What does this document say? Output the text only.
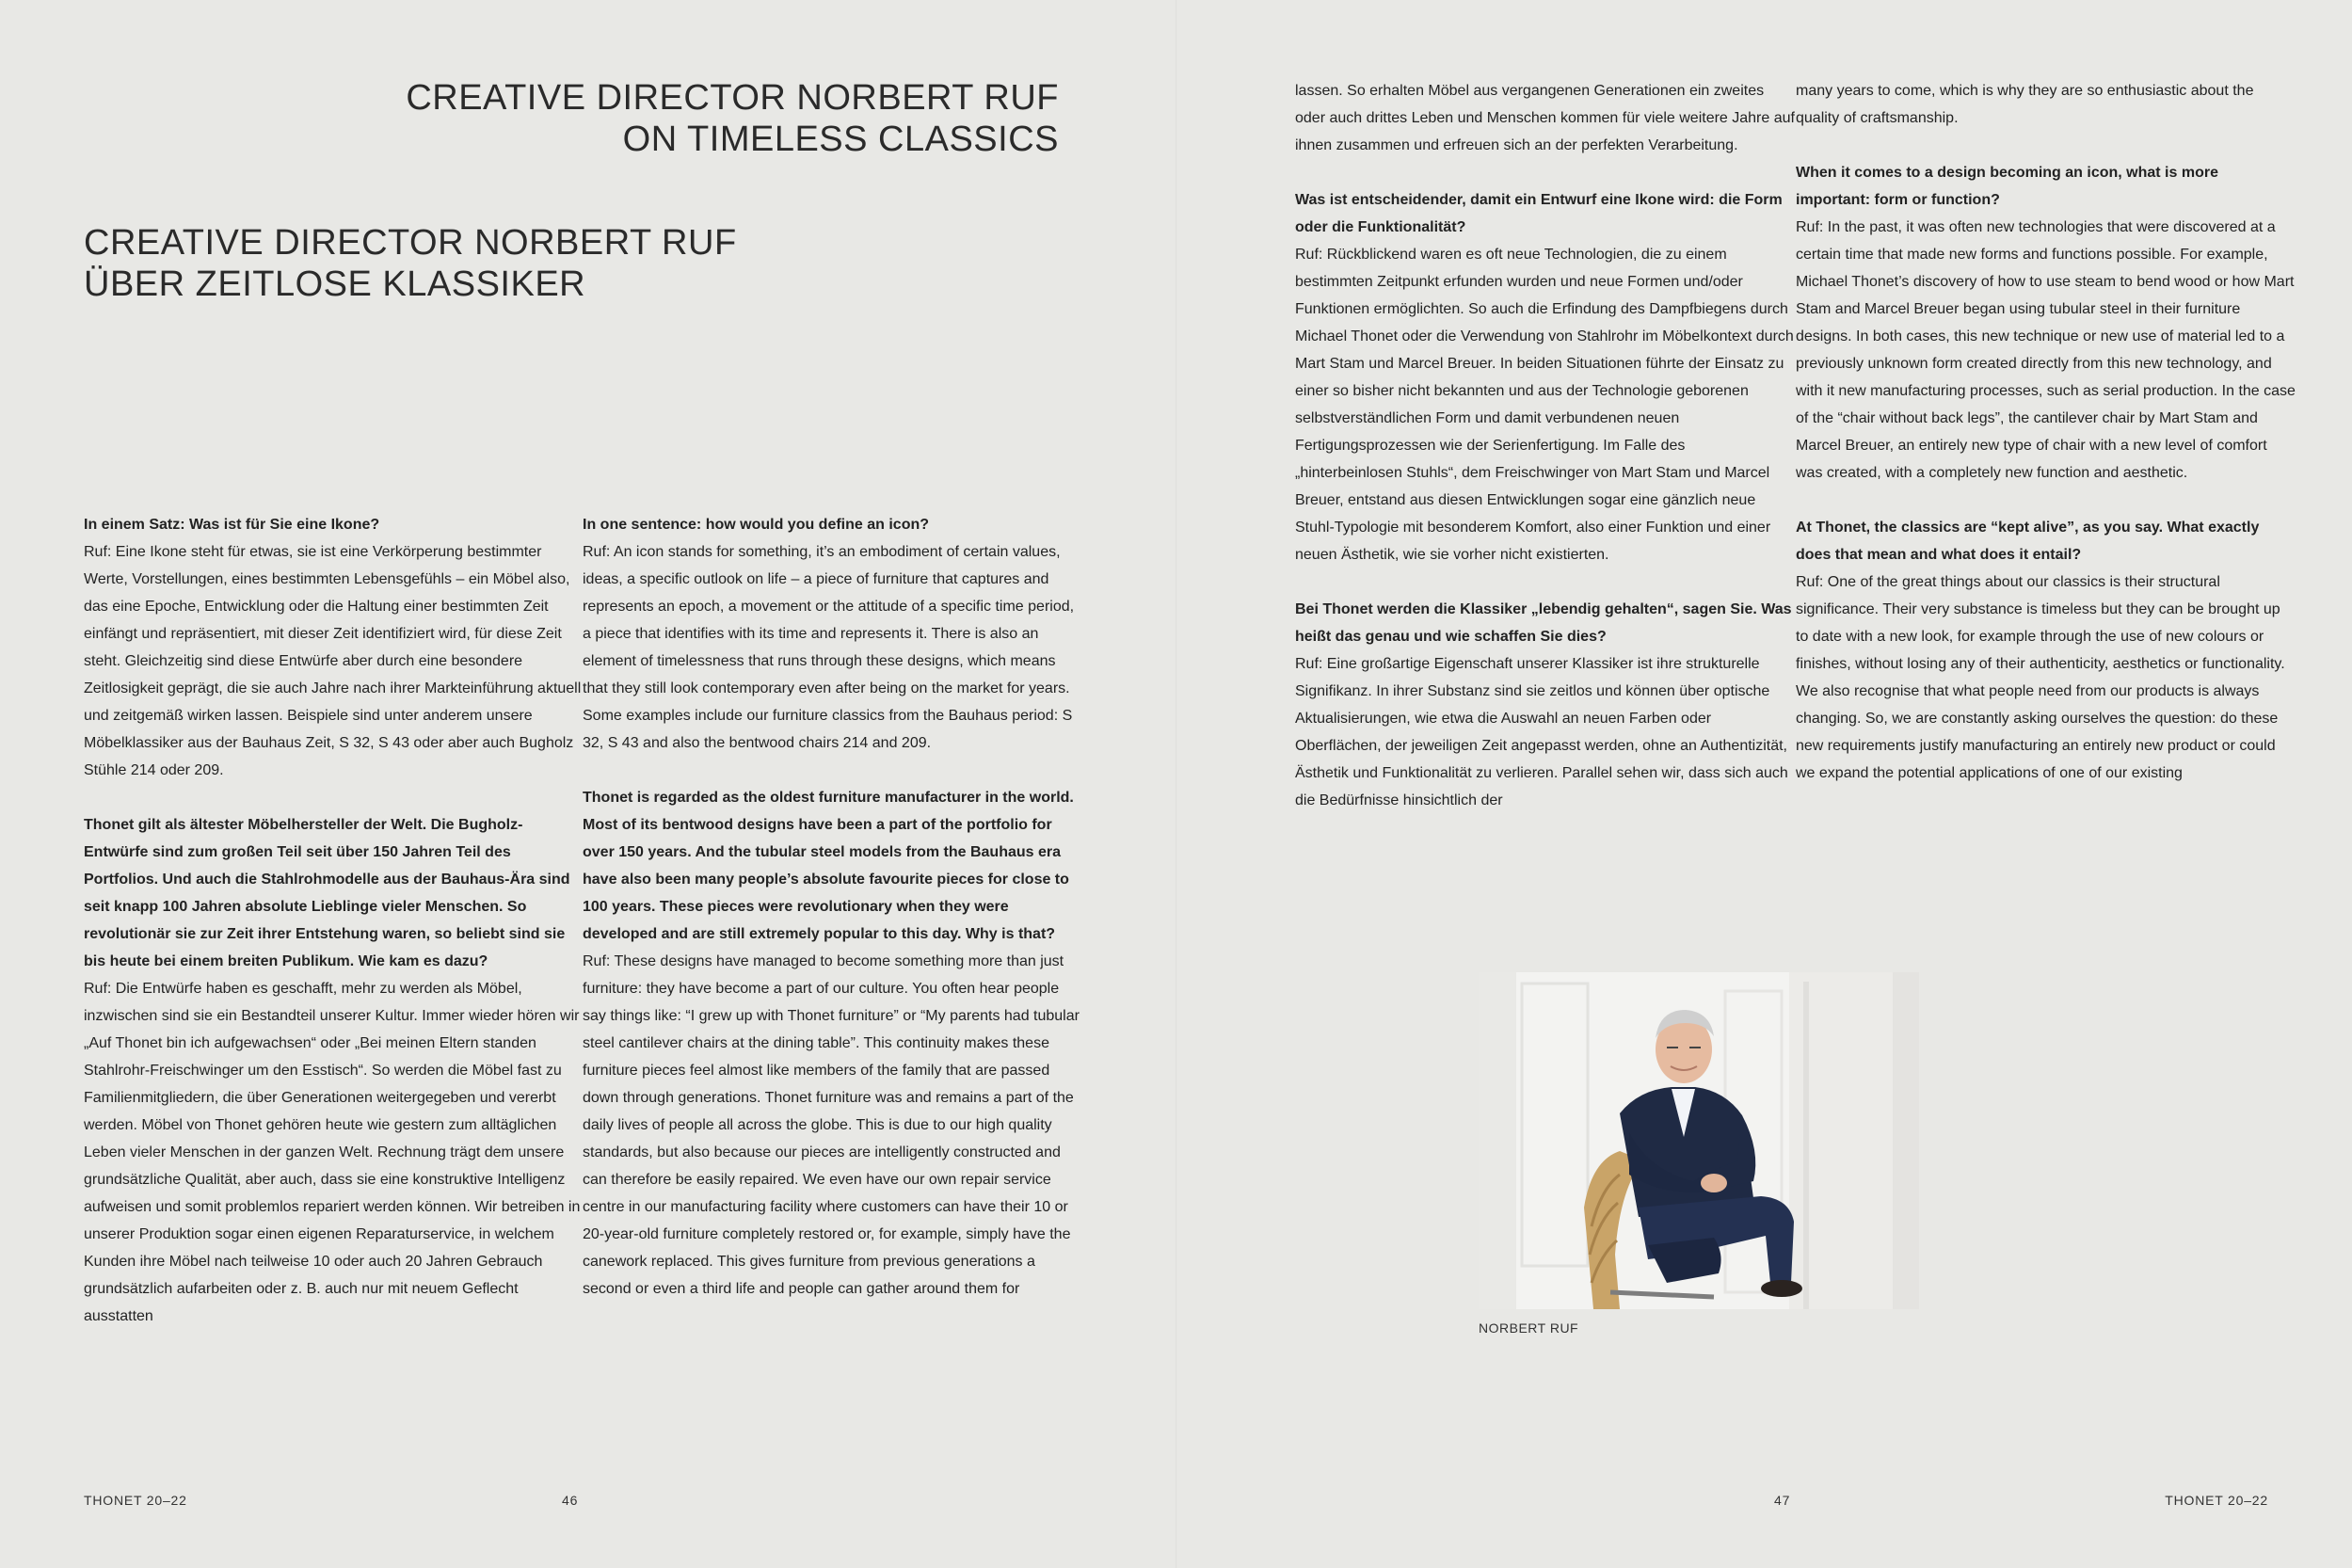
CREATIVE DIRECTOR NORBERT RUF
ON TIMELESS CLASSICS
CREATIVE DIRECTOR NORBERT RUF
ÜBER ZEITLOSE KLASSIKER

In einem Satz: Was ist für Sie eine Ikone?

Ruf: Eine Ikone steht für etwas, sie ist eine Verkörperung bestimmter Werte, Vorstellungen, eines bestimmten Lebensgefühls – ein Möbel also, das eine Epoche, Entwicklung oder die Haltung einer bestimmten Zeit einfängt und repräsentiert, mit dieser Zeit identifiziert wird, für diese Zeit steht. Gleichzeitig sind diese Entwürfe aber durch eine besondere Zeitlosigkeit geprägt, die sie auch Jahre nach ihrer Markteinführung aktuell und zeitgemäß wirken lassen. Beispiele sind unter anderem unsere Möbelklassiker aus der Bauhaus Zeit, S 32, S 43 oder aber auch Bugholz Stühle 214 oder 209.

Thonet gilt als ältester Möbelhersteller der Welt. Die Bugholz-Entwürfe sind zum großen Teil seit über 150 Jahren Teil des Portfolios. Und auch die Stahlrohmodelle aus der Bauhaus-Ära sind seit knapp 100 Jahren absolute Lieblinge vieler Menschen. So revolutionär sie zur Zeit ihrer Entstehung waren, so beliebt sind sie bis heute bei einem breiten Publikum. Wie kam es dazu?

Ruf: Die Entwürfe haben es geschafft, mehr zu werden als Möbel, inzwischen sind sie ein Bestandteil unserer Kultur. Immer wieder hören wir „Auf Thonet bin ich aufgewachsen“ oder „Bei meinen Eltern standen Stahlrohr-Freischwinger um den Esstisch“. So werden die Möbel fast zu Familienmitgliedern, die über Generationen weitergegeben und vererbt werden. Möbel von Thonet gehören heute wie gestern zum alltäglichen Leben vieler Menschen in der ganzen Welt. Rechnung trägt dem unsere grundsätzliche Qualität, aber auch, dass sie eine konstruktive Intelligenz aufweisen und somit problemlos repariert werden können. Wir betreiben in unserer Produktion sogar einen eigenen Reparaturservice, in welchem Kunden ihre Möbel nach teilweise 10 oder auch 20 Jahren Gebrauch grundsätzlich aufarbeiten oder z. B. auch nur mit neuem Geflecht ausstatten

In one sentence: how would you define an icon?

Ruf: An icon stands for something, it’s an embodiment of certain values, ideas, a specific outlook on life – a piece of furniture that captures and represents an epoch, a movement or the attitude of a specific time period, a piece that identifies with its time and represents it. There is also an element of timelessness that runs through these designs, which means that they still look contemporary even after being on the market for years. Some examples include our furniture classics from the Bauhaus period: S 32, S 43 and also the bentwood chairs 214 and 209.

Thonet is regarded as the oldest furniture manufacturer in the world. Most of its bentwood designs have been a part of the portfolio for over 150 years. And the tubular steel models from the Bauhaus era have also been many people’s absolute favourite pieces for close to 100 years. These pieces were revolutionary when they were developed and are still extremely popular to this day. Why is that?

Ruf: These designs have managed to become something more than just furniture: they have become a part of our culture. You often hear people say things like: “I grew up with Thonet furniture” or “My parents had tubular steel cantilever chairs at the dining table”. This continuity makes these furniture pieces feel almost like members of the family that are passed down through generations. Thonet furniture was and remains a part of the daily lives of people all across the globe. This is due to our high quality standards, but also because our pieces are intelligently constructed and can therefore be easily repaired. We even have our own repair service centre in our manufacturing facility where customers can have their 10 or 20-year-old furniture completely restored or, for example, simply have the canework replaced. This gives furniture from previous generations a second or even a third life and people can gather around them for

lassen. So erhalten Möbel aus vergangenen Generationen ein zweites oder auch drittes Leben und Menschen kommen für viele weitere Jahre auf ihnen zusammen und erfreuen sich an der perfekten Verarbeitung.

Was ist entscheidender, damit ein Entwurf eine Ikone wird: die Form oder die Funktionalität?

Ruf: Rückblickend waren es oft neue Technologien, die zu einem bestimmten Zeitpunkt erfunden wurden und neue Formen und/oder Funktionen ermöglichten. So auch die Erfindung des Dampfbiegens durch Michael Thonet oder die Verwendung von Stahlrohr im Möbelkontext durch Mart Stam und Marcel Breuer. In beiden Situationen führte der Einsatz zu einer so bisher nicht bekannten und aus der Technologie geborenen selbstverständlichen Form und damit verbundenen neuen Fertigungsprozessen wie der Serienfertigung. Im Falle des „hinterbeinlosen Stuhls“, dem Freischwinger von Mart Stam und Marcel Breuer, entstand aus diesen Entwicklungen sogar eine gänzlich neue Stuhl-Typologie mit besonderem Komfort, also einer Funktion und einer neuen Ästhetik, wie sie vorher nicht existierten.

Bei Thonet werden die Klassiker „lebendig gehalten“, sagen Sie. Was heißt das genau und wie schaffen Sie dies?

Ruf: Eine großartige Eigenschaft unserer Klassiker ist ihre strukturelle Signifikanz. In ihrer Substanz sind sie zeitlos und können über optische Aktualisierungen, wie etwa die Auswahl an neuen Farben oder Oberflächen, der jeweiligen Zeit angepasst werden, ohne an Authentizität, Ästhetik und Funktionalität zu verlieren. Parallel sehen wir, dass sich auch die Bedürfnisse hinsichtlich der

many years to come, which is why they are so enthusiastic about the quality of craftsmanship.

When it comes to a design becoming an icon, what is more important: form or function?

Ruf: In the past, it was often new technologies that were discovered at a certain time that made new forms and functions possible. For example, Michael Thonet’s discovery of how to use steam to bend wood or how Mart Stam and Marcel Breuer began using tubular steel in their furniture designs. In both cases, this new technique or new use of material led to a previously unknown form created directly from this new technology, and with it new manufacturing processes, such as serial production. In the case of the “chair without back legs”, the cantilever chair by Mart Stam and Marcel Breuer, an entirely new type of chair with a new level of comfort was created, with a completely new function and aesthetic.

At Thonet, the classics are “kept alive”, as you say. What exactly does that mean and what does it entail?

Ruf: One of the great things about our classics is their structural significance. Their very substance is timeless but they can be brought up to date with a new look, for example through the use of new colours or finishes, without losing any of their authenticity, aesthetics or functionality. We also recognise that what people need from our products is always changing. So, we are constantly asking ourselves the question: do these new requirements justify manufacturing an entirely new product or could we expand the potential applications of one of our existing

NORBERT RUF
THONET 20–22	46	47	THONET 20–22
